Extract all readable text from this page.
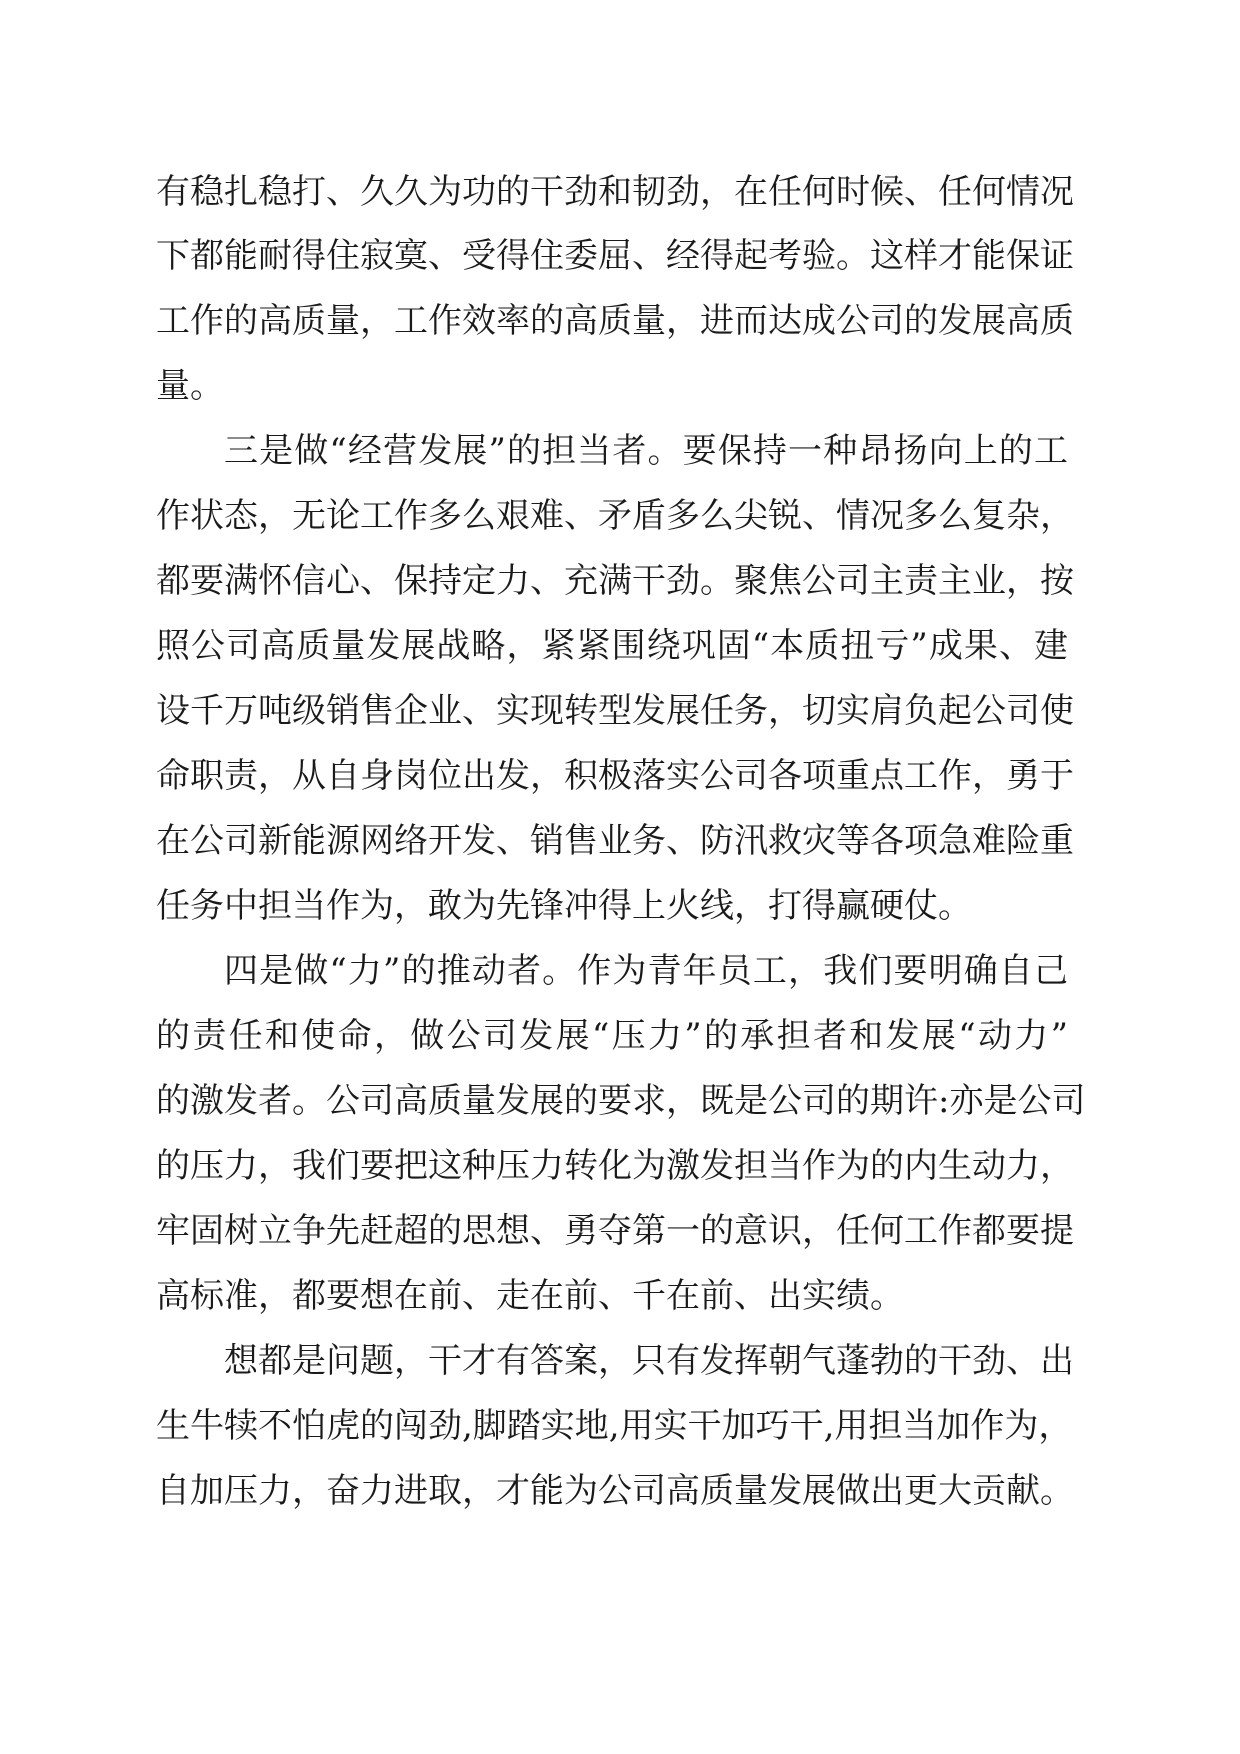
有稳扎稳打、久久为功的干劲和韧劲，在任何时候、任何情况
下都能耐得住寂寞、受得住委屈、经得起考验。这样才能保证
工作的高质量，工作效率的高质量，进而达成公司的发展高质
量。
三是做“经营发展”的担当者。要保持一种昂扬向上的工
作状态，无论工作多么艰难、矛盾多么尖锐、情况多么复杂，
都要满怀信心、保持定力、充满干劲。聚焦公司主责主业，按
照公司高质量发展战略，紧紧围绕巩固“本质扭亏”成果、建
设千万吨级销售企业、实现转型发展任务，切实肩负起公司使
命职责，从自身岗位出发，积极落实公司各项重点工作，勇于
在公司新能源网络开发、销售业务、防汛救灾等各项急难险重
任务中担当作为，敢为先锋冲得上火线，打得赢硬仗。
四是做“力”的推动者。作为青年员工，我们要明确自己
的责任和使命，做公司发展“压力”的承担者和发展“动力”
的激发者。公司高质量发展的要求，既是公司的期许:亦是公司
的压力，我们要把这种压力转化为激发担当作为的内生动力，
牢固树立争先赶超的思想、勇夺第一的意识，任何工作都要提
高标准，都要想在前、走在前、千在前、出实绩。
想都是问题，干才有答案，只有发挥朝气蓬勃的干劲、出
生牛犊不怕虎的闯劲,脚踏实地,用实干加巧干,用担当加作为，
自加压力，奋力进取，才能为公司高质量发展做出更大贡献。
